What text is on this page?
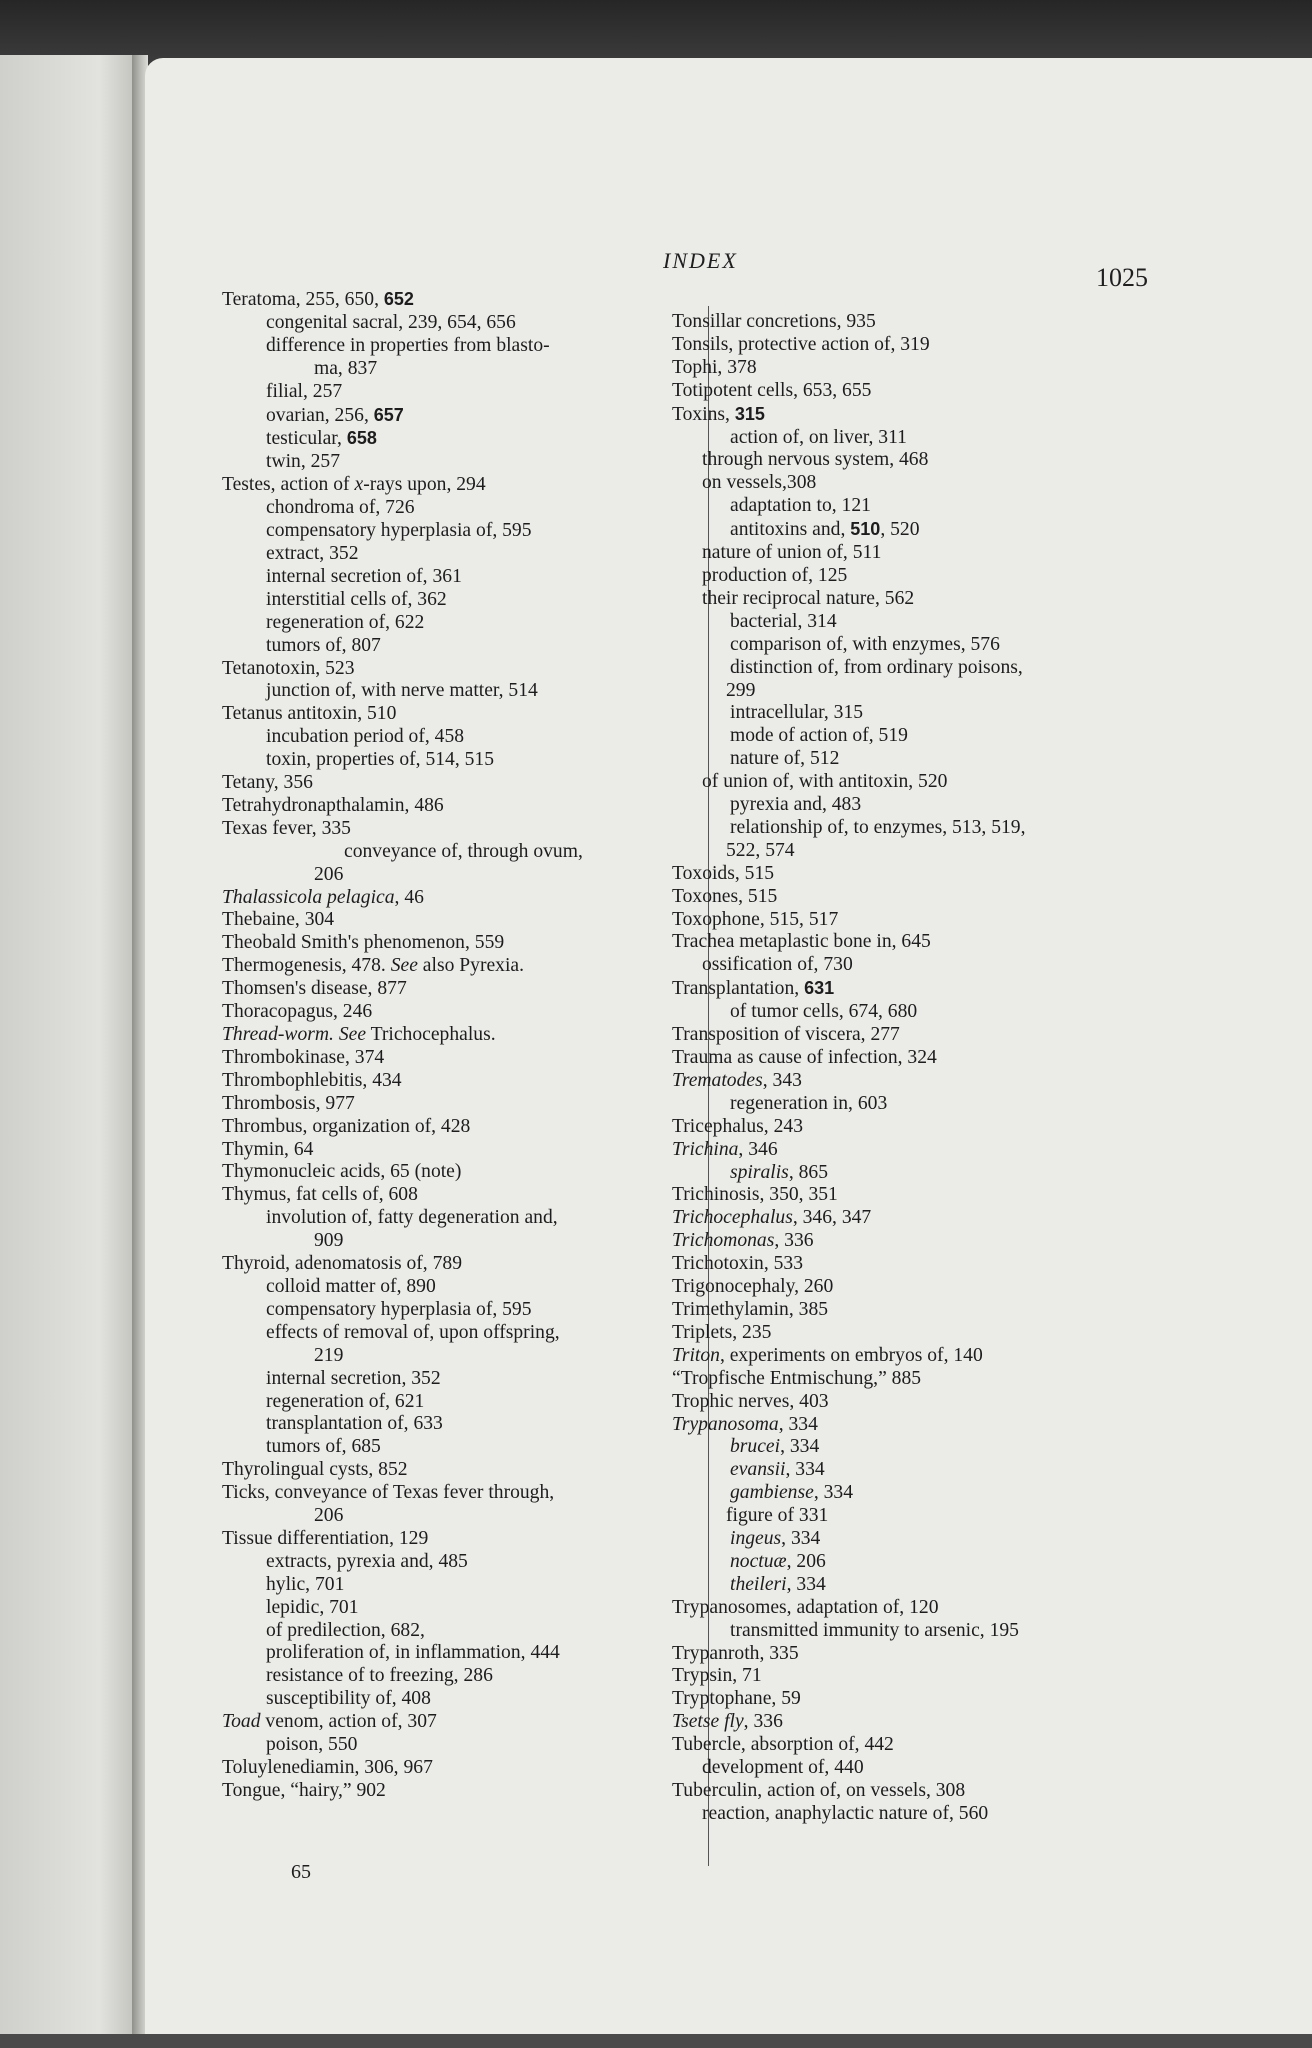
INDEX
1025
Teratoma, 255, 650, 652
congenital sacral, 239, 654, 656
difference in properties from blasto-
ma, 837
filial, 257
ovarian, 256, 657
testicular, 658
twin, 257
Testes, action of x-rays upon, 294
chondroma of, 726
compensatory hyperplasia of, 595
extract, 352
internal secretion of, 361
interstitial cells of, 362
regeneration of, 622
tumors of, 807
Tetanotoxin, 523
junction of, with nerve matter, 514
Tetanus antitoxin, 510
incubation period of, 458
toxin, properties of, 514, 515
Tetany, 356
Tetrahydronapthalamin, 486
Texas fever, 335
conveyance of, through ovum,
206
Thalassicola pelagica, 46
Thebaine, 304
Theobald Smith's phenomenon, 559
Thermogenesis, 478. See also Pyrexia.
Thomsen's disease, 877
Thoracopagus, 246
Thread-worm. See Trichocephalus.
Thrombokinase, 374
Thrombophlebitis, 434
Thrombosis, 977
Thrombus, organization of, 428
Thymin, 64
Thymonucleic acids, 65 (note)
Thymus, fat cells of, 608
involution of, fatty degeneration and,
909
Thyroid, adenomatosis of, 789
colloid matter of, 890
compensatory hyperplasia of, 595
effects of removal of, upon offspring,
219
internal secretion, 352
regeneration of, 621
transplantation of, 633
tumors of, 685
Thyrolingual cysts, 852
Ticks, conveyance of Texas fever through,
206
Tissue differentiation, 129
extracts, pyrexia and, 485
hylic, 701
lepidic, 701
of predilection, 682,
proliferation of, in inflammation, 444
resistance of to freezing, 286
susceptibility of, 408
Toad venom, action of, 307
poison, 550
Toluylenediamin, 306, 967
Tongue, “hairy,” 902
Tonsillar concretions, 935
Tonsils, protective action of, 319
Tophi, 378
Totipotent cells, 653, 655
Toxins, 315
action of, on liver, 311
through nervous system, 468
on vessels,308
adaptation to, 121
antitoxins and, 510, 520
nature of union of, 511
production of, 125
their reciprocal nature, 562
bacterial, 314
comparison of, with enzymes, 576
distinction of, from ordinary poisons,
299
intracellular, 315
mode of action of, 519
nature of, 512
of union of, with antitoxin, 520
pyrexia and, 483
relationship of, to enzymes, 513, 519,
522, 574
Toxoids, 515
Toxones, 515
Toxophone, 515, 517
Trachea metaplastic bone in, 645
ossification of, 730
Transplantation, 631
of tumor cells, 674, 680
Transposition of viscera, 277
Trauma as cause of infection, 324
Trematodes, 343
regeneration in, 603
Tricephalus, 243
Trichina, 346
spiralis, 865
Trichinosis, 350, 351
Trichocephalus, 346, 347
Trichomonas, 336
Trichotoxin, 533
Trigonocephaly, 260
Trimethylamin, 385
Triplets, 235
Triton, experiments on embryos of, 140
“Tropfische Entmischung,” 885
Trophic nerves, 403
Trypanosoma, 334
brucei, 334
evansii, 334
gambiense, 334
figure of 331
ingeus, 334
noctuæ, 206
theileri, 334
Trypanosomes, adaptation of, 120
transmitted immunity to arsenic, 195
Trypanroth, 335
Trypsin, 71
Tryptophane, 59
Tsetse fly, 336
Tubercle, absorption of, 442
development of, 440
Tuberculin, action of, on vessels, 308
reaction, anaphylactic nature of, 560
65
